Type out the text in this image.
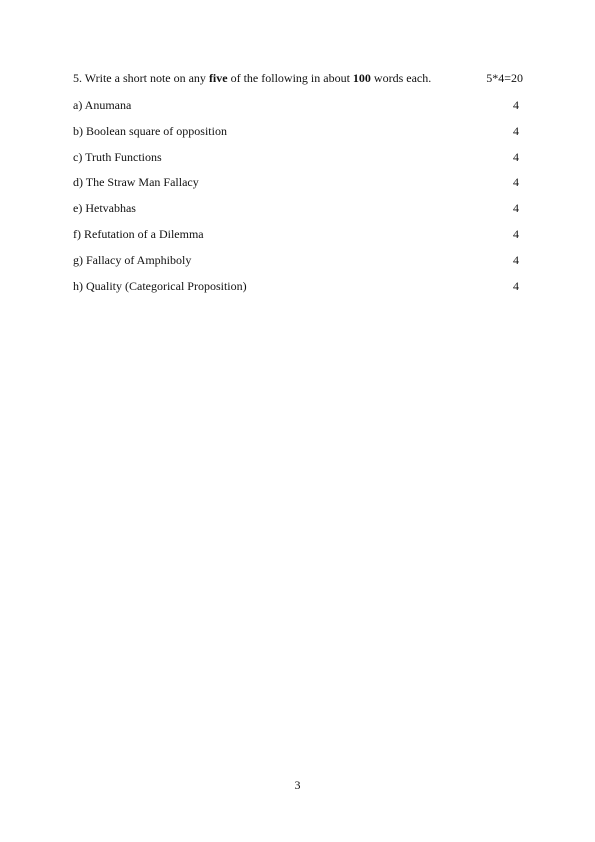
5. Write a short note on any five of the following in about 100 words each.	5*4=20
a) Anumana	4
b) Boolean square of opposition	4
c) Truth Functions	4
d) The Straw Man Fallacy	4
e) Hetvabhas	4
f) Refutation of a Dilemma	4
g) Fallacy of Amphiboly	4
h) Quality (Categorical Proposition)	4
3
